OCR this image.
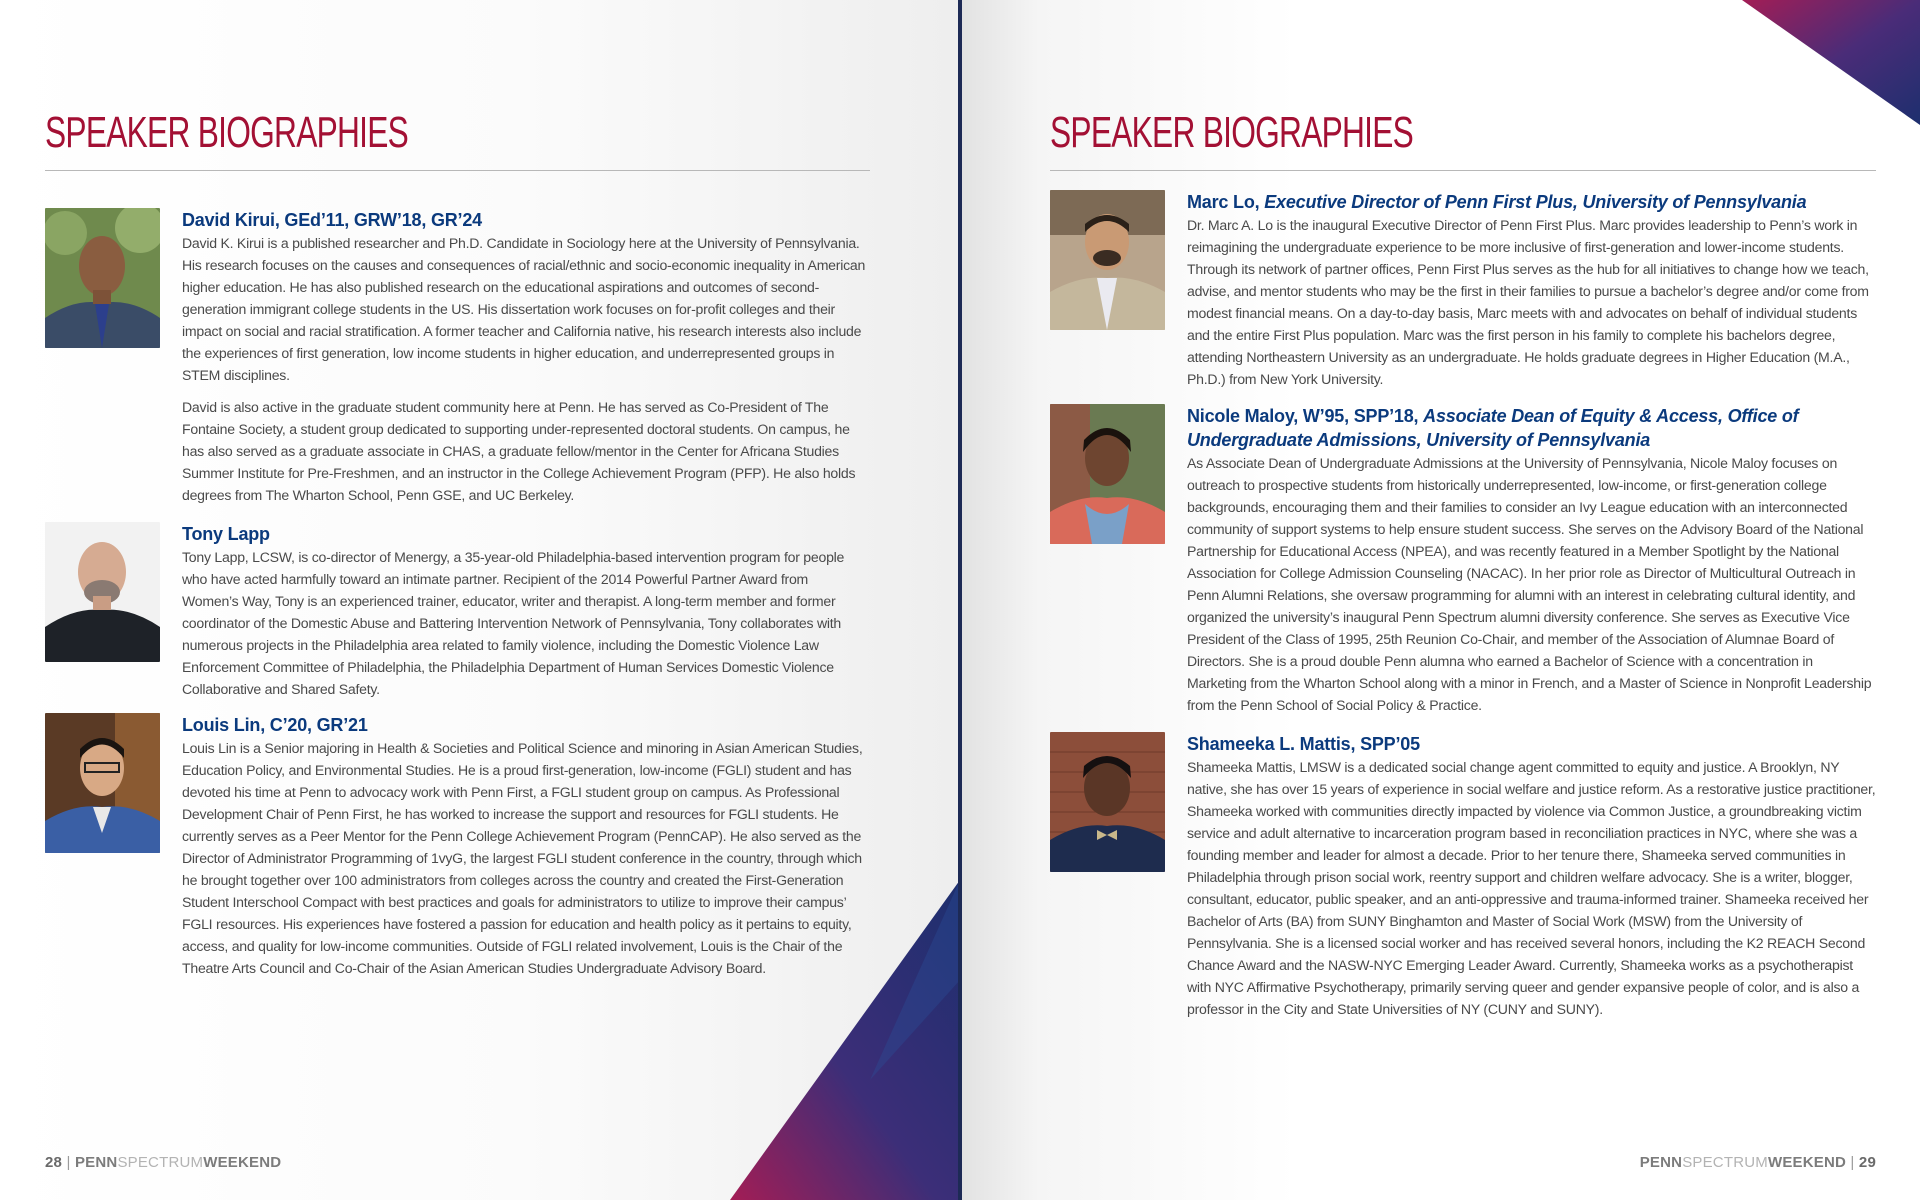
SPEAKER BIOGRAPHIES
David Kirui, GEd’11, GRW’18, GR’24

David K. Kirui is a published researcher and Ph.D. Candidate in Sociology here at the University of Pennsylvania. His research focuses on the causes and consequences of racial/ethnic and socio-economic inequality in American higher education. He has also published research on the educational aspirations and outcomes of second-generation immigrant college students in the US. His dissertation work focuses on for-profit colleges and their impact on social and racial stratification. A former teacher and California native, his research interests also include the experiences of first generation, low income students in higher education, and underrepresented groups in STEM disciplines.

David is also active in the graduate student community here at Penn. He has served as Co-President of The Fontaine Society, a student group dedicated to supporting under-represented doctoral students. On campus, he has also served as a graduate associate in CHAS, a graduate fellow/mentor in the Center for Africana Studies Summer Institute for Pre-Freshmen, and an instructor in the College Achievement Program (PFP). He also holds degrees from The Wharton School, Penn GSE, and UC Berkeley.

Tony Lapp

Tony Lapp, LCSW, is co-director of Menergy, a 35-year-old Philadelphia-based intervention program for people who have acted harmfully toward an intimate partner. Recipient of the 2014 Powerful Partner Award from Women’s Way, Tony is an experienced trainer, educator, writer and therapist. A long-term member and former coordinator of the Domestic Abuse and Battering Intervention Network of Pennsylvania, Tony collaborates with numerous projects in the Philadelphia area related to family violence, including the Domestic Violence Law Enforcement Committee of Philadelphia, the Philadelphia Department of Human Services Domestic Violence Collaborative and Shared Safety.

Louis Lin, C’20, GR’21

Louis Lin is a Senior majoring in Health & Societies and Political Science and minoring in Asian American Studies, Education Policy, and Environmental Studies. He is a proud first-generation, low-income (FGLI) student and has devoted his time at Penn to advocacy work with Penn First, a FGLI student group on campus. As Professional Development Chair of Penn First, he has worked to increase the support and resources for FGLI students. He currently serves as a Peer Mentor for the Penn College Achievement Program (PennCAP). He also served as the Director of Administrator Programming of 1vyG, the largest FGLI student conference in the country, through which he brought together over 100 administrators from colleges across the country and created the First-Generation Student Interschool Compact with best practices and goals for administrators to utilize to improve their campus’ FGLI resources. His experiences have fostered a passion for education and health policy as it pertains to equity, access, and quality for low-income communities. Outside of FGLI related involvement, Louis is the Chair of the Theatre Arts Council and Co-Chair of the Asian American Studies Undergraduate Advisory Board.

28 | PENNSPECTRUMWEEKEND
SPEAKER BIOGRAPHIES
Marc Lo, Executive Director of Penn First Plus, University of Pennsylvania

Dr. Marc A. Lo is the inaugural Executive Director of Penn First Plus. Marc provides leadership to Penn’s work in reimagining the undergraduate experience to be more inclusive of first-generation and lower-income students. Through its network of partner offices, Penn First Plus serves as the hub for all initiatives to change how we teach, advise, and mentor students who may be the first in their families to pursue a bachelor’s degree and/or come from modest financial means. On a day-to-day basis, Marc meets with and advocates on behalf of individual students and the entire First Plus population. Marc was the first person in his family to complete his bachelors degree, attending Northeastern University as an undergraduate. He holds graduate degrees in Higher Education (M.A., Ph.D.) from New York University.

Nicole Maloy, W’95, SPP’18, Associate Dean of Equity & Access, Office of Undergraduate Admissions, University of Pennsylvania

As Associate Dean of Undergraduate Admissions at the University of Pennsylvania, Nicole Maloy focuses on outreach to prospective students from historically underrepresented, low-income, or first-generation college backgrounds, encouraging them and their families to consider an Ivy League education with an interconnected community of support systems to help ensure student success. She serves on the Advisory Board of the National Partnership for Educational Access (NPEA), and was recently featured in a Member Spotlight by the National Association for College Admission Counseling (NACAC). In her prior role as Director of Multicultural Outreach in Penn Alumni Relations, she oversaw programming for alumni with an interest in celebrating cultural identity, and organized the university’s inaugural Penn Spectrum alumni diversity conference. She serves as Executive Vice President of the Class of 1995, 25th Reunion Co-Chair, and member of the Association of Alumnae Board of Directors. She is a proud double Penn alumna who earned a Bachelor of Science with a concentration in Marketing from the Wharton School along with a minor in French, and a Master of Science in Nonprofit Leadership from the Penn School of Social Policy & Practice.

Shameeka L. Mattis, SPP’05

Shameeka Mattis, LMSW is a dedicated social change agent committed to equity and justice. A Brooklyn, NY native, she has over 15 years of experience in social welfare and justice reform. As a restorative justice practitioner, Shameeka worked with communities directly impacted by violence via Common Justice, a groundbreaking victim service and adult alternative to incarceration program based in reconciliation practices in NYC, where she was a founding member and leader for almost a decade. Prior to her tenure there, Shameeka served communities in Philadelphia through prison social work, reentry support and children welfare advocacy. She is a writer, blogger, consultant, educator, public speaker, and an anti-oppressive and trauma-informed trainer. Shameeka received her Bachelor of Arts (BA) from SUNY Binghamton and Master of Social Work (MSW) from the University of Pennsylvania. She is a licensed social worker and has received several honors, including the K2 REACH Second Chance Award and the NASW-NYC Emerging Leader Award. Currently, Shameeka works as a psychotherapist with NYC Affirmative Psychotherapy, primarily serving queer and gender expansive people of color, and is also a professor in the City and State Universities of NY (CUNY and SUNY).

PENNSPECTRUMWEEKEND | 29
